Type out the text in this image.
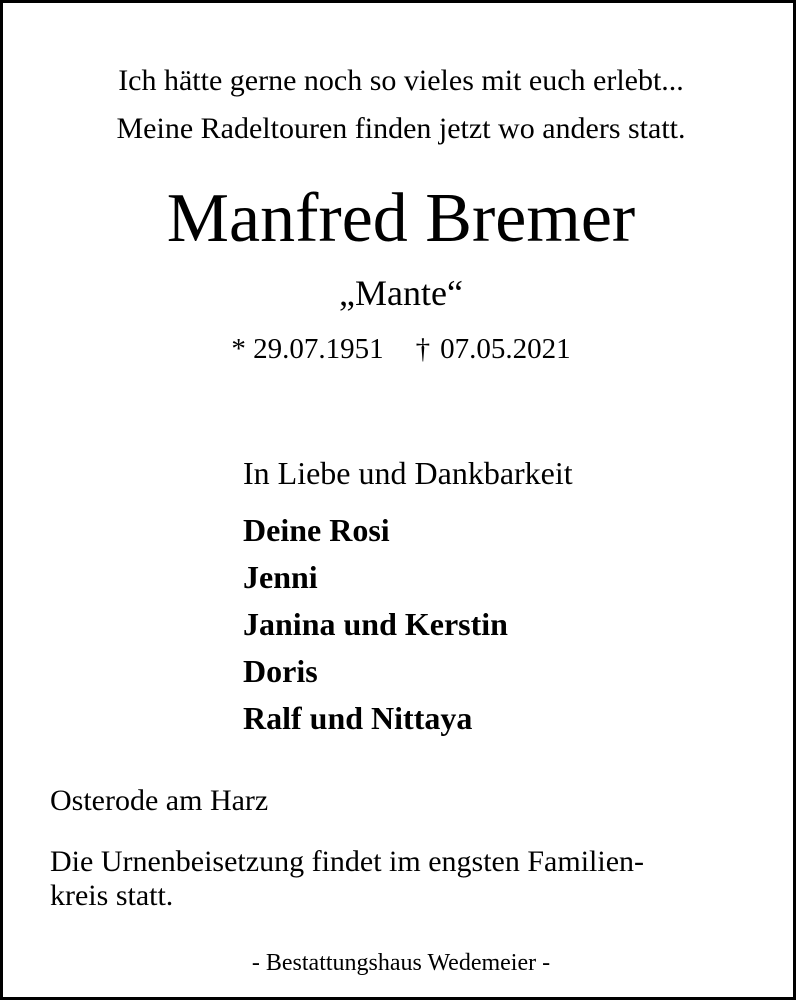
Ich hätte gerne noch so vieles mit euch erlebt...
Meine Radeltouren finden jetzt wo anders statt.
Manfred Bremer
„Mante“
* 29.07.1951 † 07.05.2021
In Liebe und Dankbarkeit
Deine Rosi
Jenni
Janina und Kerstin
Doris
Ralf und Nittaya
Osterode am Harz
Die Urnenbeisetzung findet im engsten Familien-
kreis statt.
- Bestattungshaus Wedemeier -
